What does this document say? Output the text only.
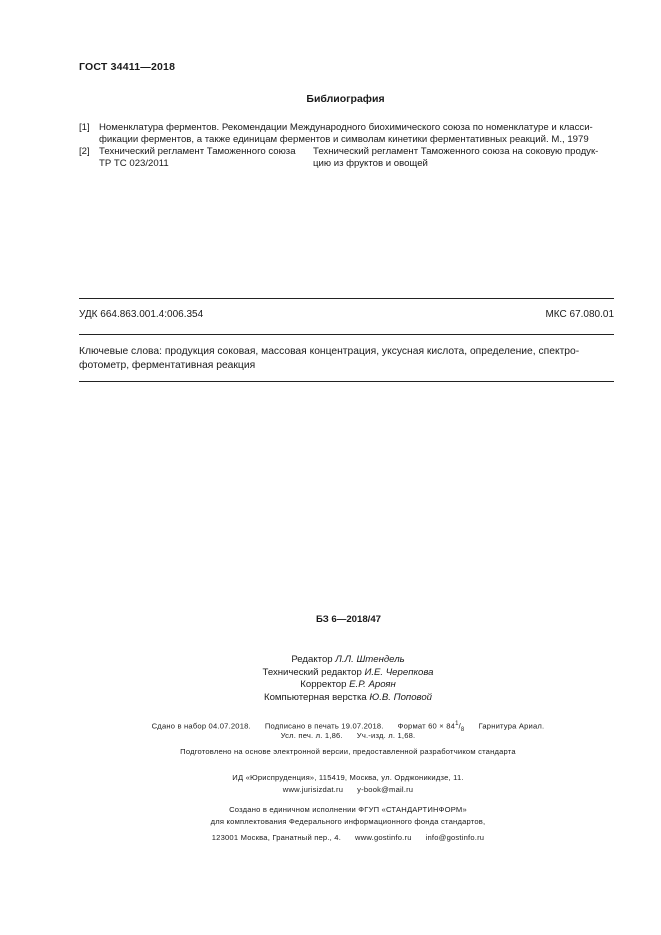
ГОСТ 34411—2018
Библиография
[1] Номенклатура ферментов. Рекомендации Международного биохимического союза по номенклатуре и класси-
фикации ферментов, а также единицам ферментов и символам кинетики ферментативных реакций. М., 1979
[2] Технический регламент Таможенного союза
ТР ТС 023/2011
Технический регламент Таможенного союза на соковую продук-
цию из фруктов и овощей
УДК 664.863.001.4:006.354	МКС 67.080.01
Ключевые слова: продукция соковая, массовая концентрация, уксусная кислота, определение, спектро-
фотометр, ферментативная реакция
БЗ 6—2018/47
Редактор Л.Л. Штендель
Технический редактор И.Е. Черепкова
Корректор Е.Р. Ароян
Компьютерная верстка Ю.В. Поповой
Сдано в набор 04.07.2018. Подписано в печать 19.07.2018. Формат $60 \times 84^1/_8$ Гарнитура Ариал.
Усл. печ. л. 1,86. Уч.-изд. л. 1,68.
Подготовлено на основе электронной версии, предоставленной разработчиком стандарта
ИД «Юриспруденция», 115419, Москва, ул. Орджоникидзе, 11.
www.jurisizdat.ru y-book@mail.ru
Создано в единичном исполнении ФГУП «СТАНДАРТИНФОРМ»
для комплектования Федерального информационного фонда стандартов,
123001 Москва, Гранатный пер., 4. www.gostinfo.ru info@gostinfo.ru
